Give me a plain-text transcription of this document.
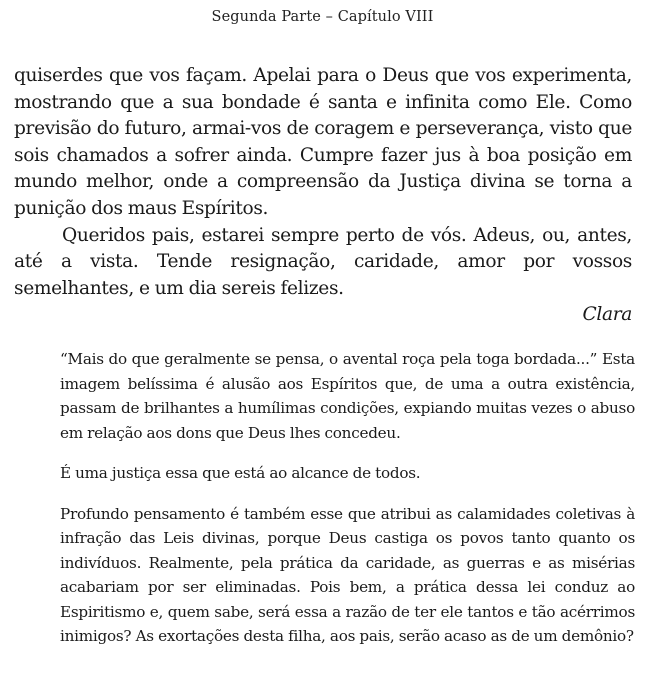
Segunda Parte – Capítulo VIII

quiserdes que vos façam. Apelai para o Deus que vos experimenta, mostrando que a sua bondade é santa e infinita como Ele. Como previsão do futuro, armai-vos de coragem e perseverança, visto que sois chamados a sofrer ainda. Cumpre fazer jus à boa posição em mundo melhor, onde a compreensão da Justiça divina se torna a punição dos maus Espíritos.

Queridos pais, estarei sempre perto de vós. Adeus, ou, antes, até a vista. Tende resignação, caridade, amor por vossos semelhantes, e um dia sereis felizes.

Clara

“Mais do que geralmente se pensa, o avental roça pela toga bordada...” Esta imagem belíssima é alusão aos Espíritos que, de uma a outra existência, passam de brilhantes a humílimas condições, expiando muitas vezes o abuso em relação aos dons que Deus lhes concedeu.

É uma justiça essa que está ao alcance de todos.

Profundo pensamento é também esse que atribui as calamidades coletivas à infração das Leis divinas, porque Deus castiga os povos tanto quanto os indivíduos. Realmente, pela prática da caridade, as guerras e as misérias acabariam por ser eliminadas. Pois bem, a prática dessa lei conduz ao Espiritismo e, quem sabe, será essa a razão de ter ele tantos e tão acérrimos inimigos? As exortações desta filha, aos pais, serão acaso as de um demônio?
